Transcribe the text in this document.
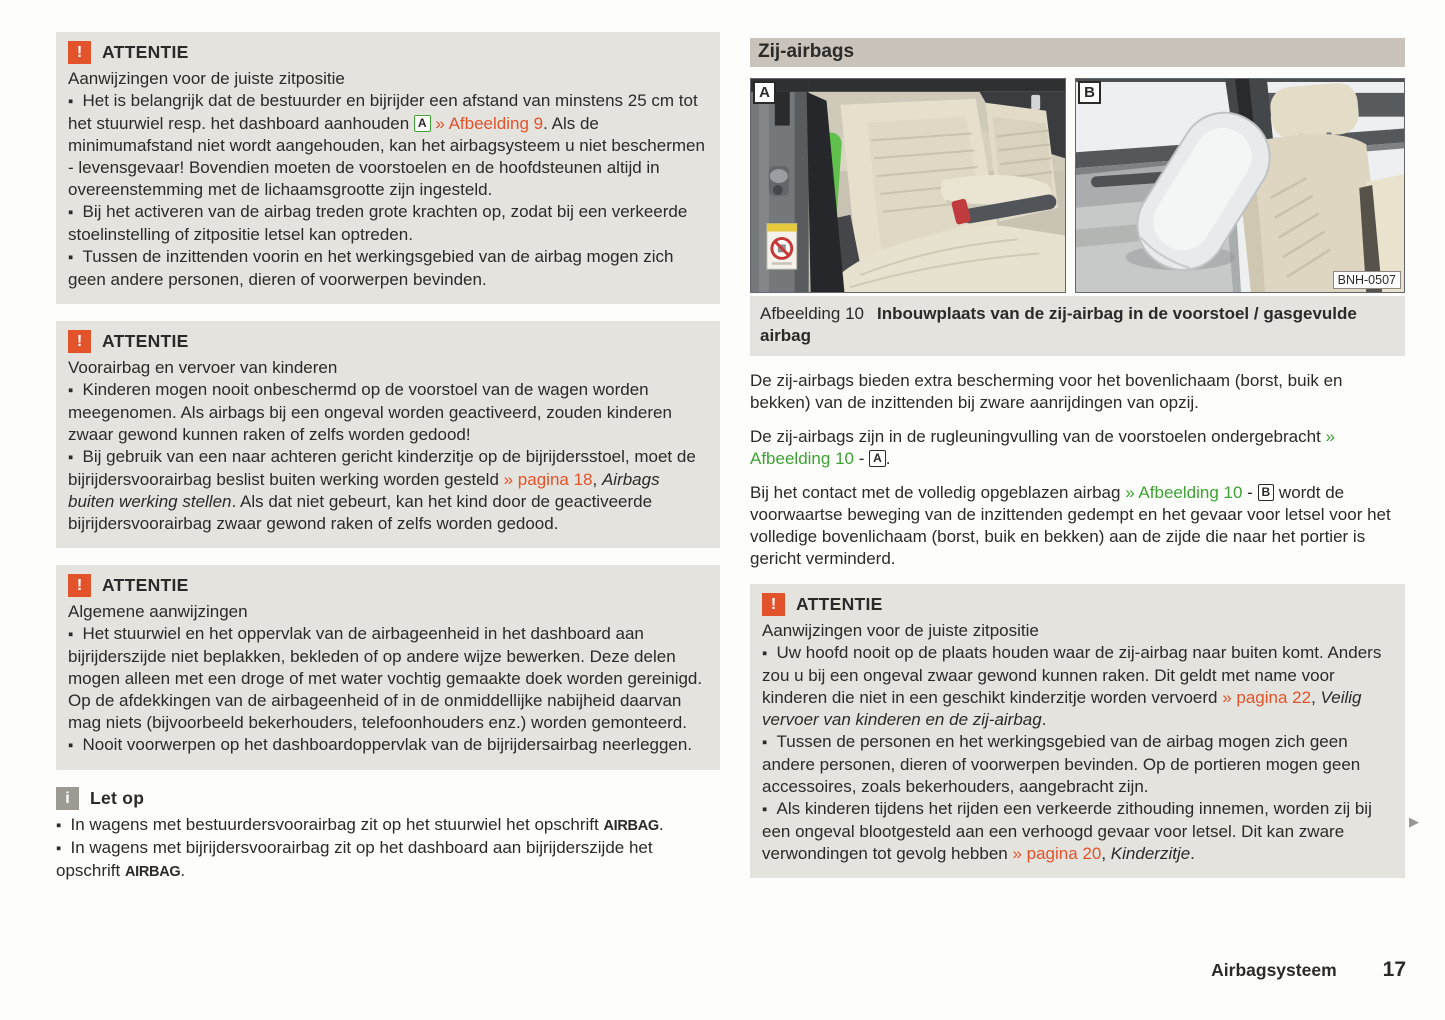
!	ATTENTIE

Aanwijzingen voor de juiste zitpositie

▪ Het is belangrijk dat de bestuurder en bijrijder een afstand van minstens 25 cm tot het stuurwiel resp. het dashboard aanhouden A » Afbeelding 9. Als de minimumafstand niet wordt aangehouden, kan het airbagsysteem u niet beschermen - levensgevaar! Bovendien moeten de voorstoelen en de hoofdsteunen altijd in overeenstemming met de lichaamsgrootte zijn ingesteld.

▪ Bij het activeren van de airbag treden grote krachten op, zodat bij een verkeerde stoelinstelling of zitpositie letsel kan optreden.

▪ Tussen de inzittenden voorin en het werkingsgebied van de airbag mogen zich geen andere personen, dieren of voorwerpen bevinden.

!	ATTENTIE

Voorairbag en vervoer van kinderen

▪ Kinderen mogen nooit onbeschermd op de voorstoel van de wagen worden meegenomen. Als airbags bij een ongeval worden geactiveerd, zouden kinderen zwaar gewond kunnen raken of zelfs worden gedood!

▪ Bij gebruik van een naar achteren gericht kinderzitje op de bijrijdersstoel, moet de bijrijdersvoorairbag beslist buiten werking worden gesteld » pagina 18, Airbags buiten werking stellen. Als dat niet gebeurt, kan het kind door de geactiveerde bijrijdersvoorairbag zwaar gewond raken of zelfs worden gedood.

!	ATTENTIE

Algemene aanwijzingen

▪ Het stuurwiel en het oppervlak van de airbageenheid in het dashboard aan bijrijderszijde niet beplakken, bekleden of op andere wijze bewerken. Deze delen mogen alleen met een droge of met water vochtig gemaakte doek worden gereinigd. Op de afdekkingen van de airbageenheid of in de onmiddellijke nabijheid daarvan mag niets (bijvoorbeeld bekerhouders, telefoonhouders enz.) worden gemonteerd.

▪ Nooit voorwerpen op het dashboardoppervlak van de bijrijdersairbag neerleggen.

i	Let op

▪ In wagens met bestuurdersvoorairbag zit op het stuurwiel het opschrift AIRBAG.

▪ In wagens met bijrijdersvoorairbag zit op het dashboard aan bijrijderszijde het opschrift AIRBAG.

Zij-airbags
A	B
BNH-0507
Afbeelding 10 Inbouwplaats van de zij-airbag in de voorstoel / gasgevulde airbag

De zij-airbags bieden extra bescherming voor het bovenlichaam (borst, buik en bekken) van de inzittenden bij zware aanrijdingen van opzij.

De zij-airbags zijn in de rugleuningvulling van de voorstoelen ondergebracht » Afbeelding 10 - A .

Bij het contact met de volledig opgeblazen airbag » Afbeelding 10 - B wordt de voorwaartse beweging van de inzittenden gedempt en het gevaar voor letsel voor het volledige bovenlichaam (borst, buik en bekken) aan de zijde die naar het portier is gericht verminderd.

!	ATTENTIE

Aanwijzingen voor de juiste zitpositie

▪ Uw hoofd nooit op de plaats houden waar de zij-airbag naar buiten komt. Anders zou u bij een ongeval zwaar gewond kunnen raken. Dit geldt met name voor kinderen die niet in een geschikt kinderzitje worden vervoerd » pagina 22, Veilig vervoer van kinderen en de zij-airbag.

▪ Tussen de personen en het werkingsgebied van de airbag mogen zich geen andere personen, dieren of voorwerpen bevinden. Op de portieren mogen geen accessoires, zoals bekerhouders, aangebracht zijn.

▪ Als kinderen tijdens het rijden een verkeerde zithouding innemen, worden zij bij een ongeval blootgesteld aan een verhoogd gevaar voor letsel. Dit kan zware verwondingen tot gevolg hebben » pagina 20, Kinderzitje.

▶
Airbagsysteem 17
